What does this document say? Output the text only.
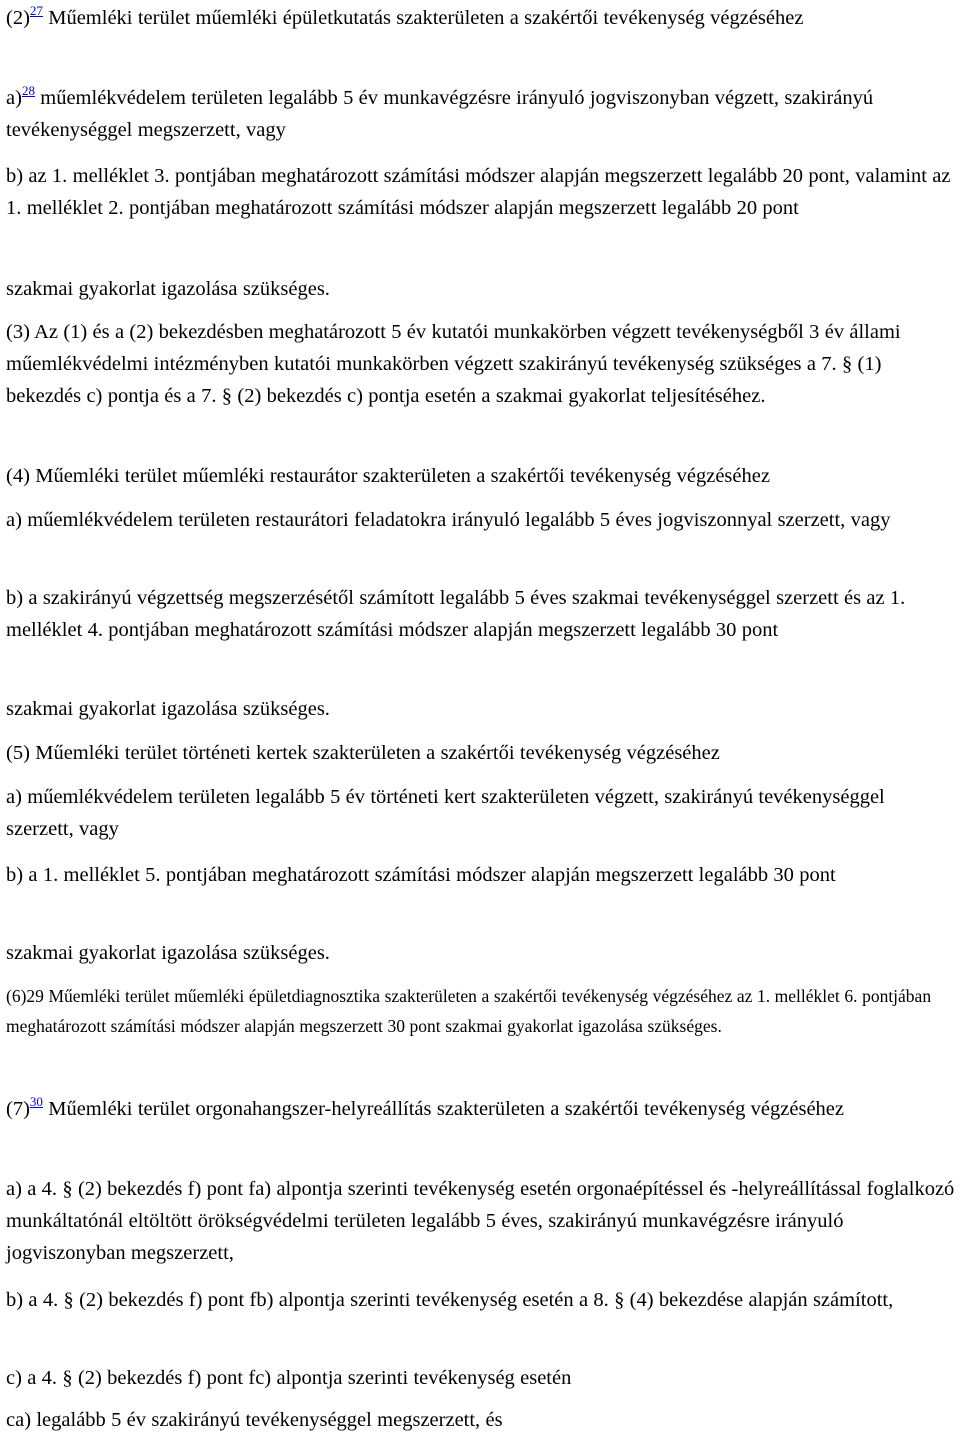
(2)$^{27}$ Műemléki terület műemléki épületkutatás szakterületen a szakértői tevékenység végzéséhez

a)$^{28}$ műemlékvédelem területen legalább 5 év munkavégzésre irányuló jogviszonyban végzett, szakirányú tevékenységgel megszerzett, vagy

b) az 1. melléklet 3. pontjában meghatározott számítási módszer alapján megszerzett legalább 20 pont, valamint az 1. melléklet 2. pontjában meghatározott számítási módszer alapján megszerzett legalább 20 pont

szakmai gyakorlat igazolása szükséges.

(3) Az (1) és a (2) bekezdésben meghatározott 5 év kutatói munkakörben végzett tevékenységből 3 év állami műemlékvédelmi intézményben kutatói munkakörben végzett szakirányú tevékenység szükséges a 7. § (1) bekezdés c) pontja és a 7. § (2) bekezdés c) pontja esetén a szakmai gyakorlat teljesítéséhez.

(4) Műemléki terület műemléki restaurátor szakterületen a szakértői tevékenység végzéséhez

a) műemlékvédelem területen restaurátori feladatokra irányuló legalább 5 éves jogviszonnyal szerzett, vagy

b) a szakirányú végzettség megszerzésétől számított legalább 5 éves szakmai tevékenységgel szerzett és az 1. melléklet 4. pontjában meghatározott számítási módszer alapján megszerzett legalább 30 pont

szakmai gyakorlat igazolása szükséges.

(5) Műemléki terület történeti kertek szakterületen a szakértői tevékenység végzéséhez

a) műemlékvédelem területen legalább 5 év történeti kert szakterületen végzett, szakirányú tevékenységgel szerzett, vagy

b) a 1. melléklet 5. pontjában meghatározott számítási módszer alapján megszerzett legalább 30 pont

szakmai gyakorlat igazolása szükséges.

(6)29 Műemléki terület műemléki épületdiagnosztika szakterületen a szakértői tevékenység végzéséhez az 1. melléklet 6. pontjában meghatározott számítási módszer alapján megszerzett 30 pont szakmai gyakorlat igazolása szükséges.

(7)$^{30}$ Műemléki terület orgonahangszer-helyreállítás szakterületen a szakértői tevékenység végzéséhez

a) a 4. § (2) bekezdés f) pont fa) alpontja szerinti tevékenység esetén orgonaépítéssel és -helyreállítással foglalkozó munkáltatónál eltöltött örökségvédelmi területen legalább 5 éves, szakirányú munkavégzésre irányuló jogviszonyban megszerzett,

b) a 4. § (2) bekezdés f) pont fb) alpontja szerinti tevékenység esetén a 8. § (4) bekezdése alapján számított,

c) a 4. § (2) bekezdés f) pont fc) alpontja szerinti tevékenység esetén

ca) legalább 5 év szakirányú tevékenységgel megszerzett, és
